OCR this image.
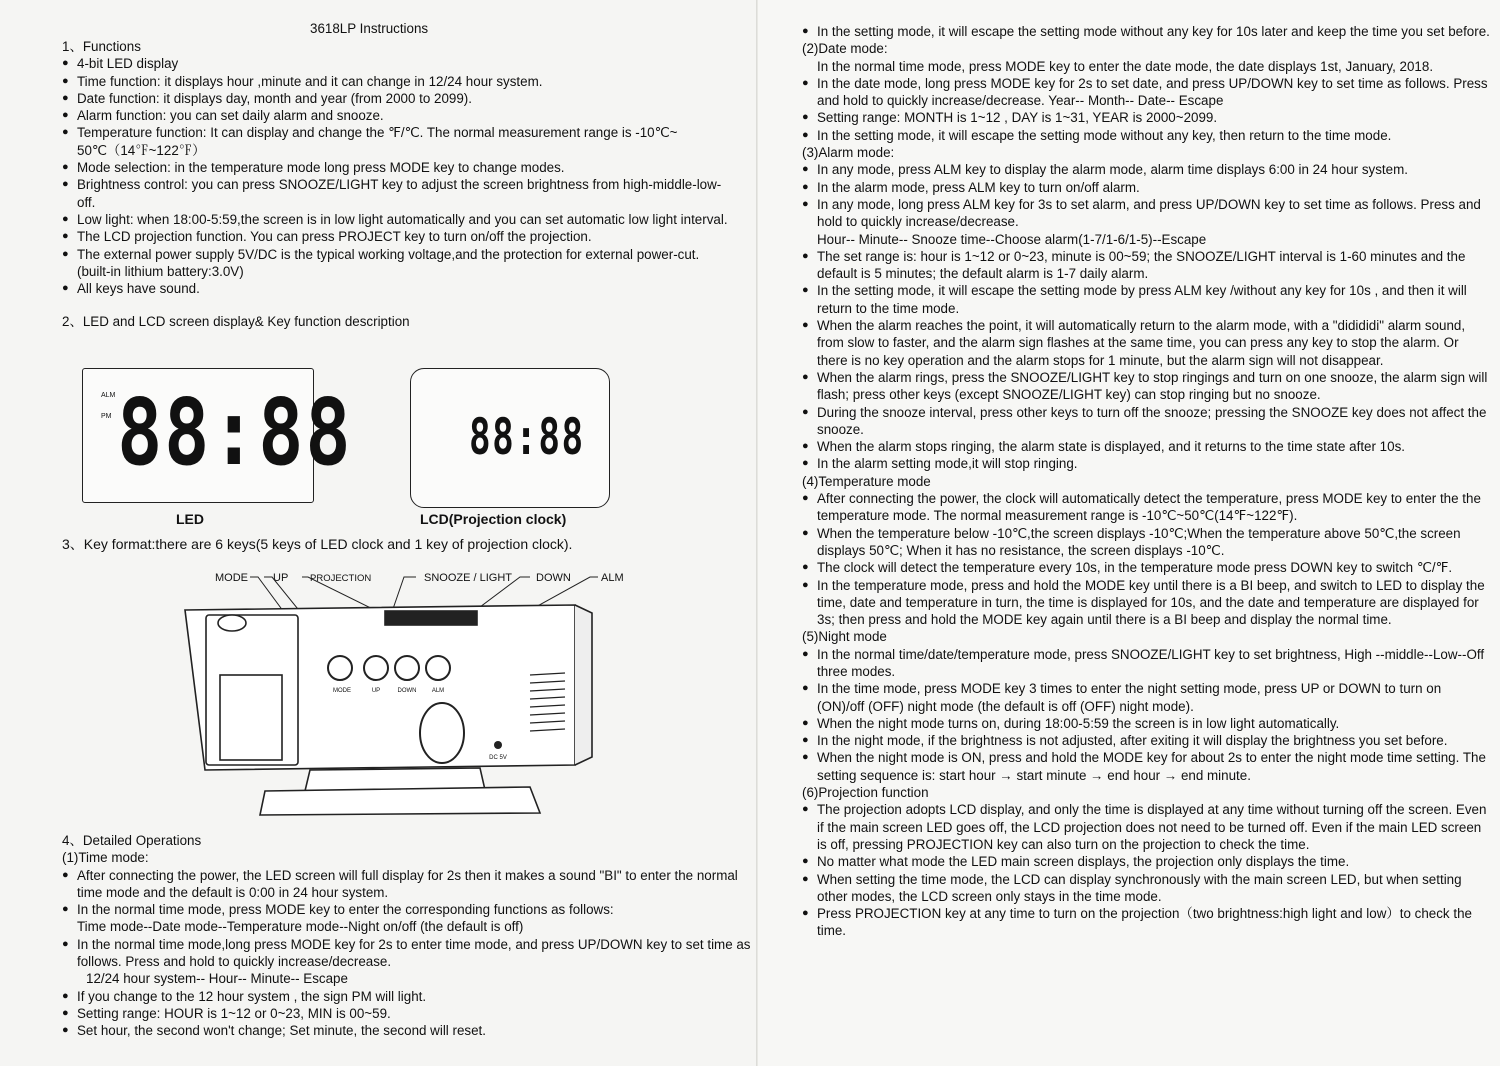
3618LP Instructions

1、Functions

● 4-bit LED display

● Time function: it displays hour ,minute and it can change in 12/24 hour system.

● Date function: it displays day, month and year (from 2000 to 2099).

● Alarm function: you can set daily alarm and snooze.

● Temperature function: It can display and change the ℉/℃. The normal measurement range is -10℃~ 50℃（14℉~122℉）

● Mode selection: in the temperature mode long press MODE key to change modes.

● Brightness control: you can press SNOOZE/LIGHT key to adjust the screen brightness from high-middle-low-off.

● Low light: when 18:00-5:59,the screen is in low light automatically and you can set automatic low light interval.

● The LCD projection function. You can press PROJECT key to turn on/off the projection.

● The external power supply 5V/DC is the typical working voltage,and the protection for external power-cut.(built-in lithium battery:3.0V)

● All keys have sound.

2、LED and LCD screen display& Key function description

ALM
PM 88:88
LED
88:88
LCD(Projection clock)
3、Key format:there are 6 keys(5 keys of LED clock and 1 key of projection clock).
MODE UP PROJECTION	SNOOZE / LIGHT DOWN	ALM
MODE	UP	DOWN	ALM
DC 5V

4、Detailed Operations

(1)Time mode:

● After connecting the power, the LED screen will full display for 2s then it makes a sound "BI" to enter the normal time mode and the default is 0:00 in 24 hour system.

● In the normal time mode, press MODE key to enter the corresponding functions as follows:

Time mode--Date mode--Temperature mode--Night on/off (the default is off)

● In the normal time mode,long press MODE key for 2s to enter time mode, and press UP/DOWN key to set time as follows. Press and hold to quickly increase/decrease.

12/24 hour system-- Hour-- Minute-- Escape

● If you change to the 12 hour system , the sign PM will light.

● Setting range: HOUR is 1~12 or 0~23, MIN is 00~59.

● Set hour, the second won't change; Set minute, the second will reset.

● In the setting mode, it will escape the setting mode without any key for 10s later and keep the time you set before.

(2)Date mode:

In the normal time mode, press MODE key to enter the date mode, the date displays 1st, January, 2018.

● In the date mode, long press MODE key for 2s to set date, and press UP/DOWN key to set time as follows. Press and hold to quickly increase/decrease. Year-- Month-- Date-- Escape

● Setting range: MONTH is 1~12 , DAY is 1~31, YEAR is 2000~2099.

● In the setting mode, it will escape the setting mode without any key, then return to the time mode.

(3)Alarm mode:

● In any mode, press ALM key to display the alarm mode, alarm time displays 6:00 in 24 hour system.

● In the alarm mode, press ALM key to turn on/off alarm.

● In any mode, long press ALM key for 3s to set alarm, and press UP/DOWN key to set time as follows. Press and hold to quickly increase/decrease.

Hour-- Minute-- Snooze time--Choose alarm(1-7/1-6/1-5)--Escape

● The set range is: hour is 1~12 or 0~23, minute is 00~59; the SNOOZE/LIGHT interval is 1-60 minutes and the default is 5 minutes; the default alarm is 1-7 daily alarm.

● In the setting mode, it will escape the setting mode by press ALM key /without any key for 10s , and then it will return to the time mode.

● When the alarm reaches the point, it will automatically return to the alarm mode, with a "didididi" alarm sound, from slow to faster, and the alarm sign flashes at the same time, you can press any key to stop the alarm. Or there is no key operation and the alarm stops for 1 minute, but the alarm sign will not disappear.

● When the alarm rings, press the SNOOZE/LIGHT key to stop ringings and turn on one snooze, the alarm sign will flash; press other keys (except SNOOZE/LIGHT key) can stop ringing but no snooze.

● During the snooze interval, press other keys to turn off the snooze; pressing the SNOOZE key does not affect the snooze.

● When the alarm stops ringing, the alarm state is displayed, and it returns to the time state after 10s.

● In the alarm setting mode,it will stop ringing.

(4)Temperature mode

● After connecting the power, the clock will automatically detect the temperature, press MODE key to enter the the temperature mode. The normal measurement range is -10℃~50℃(14℉~122℉).

● When the temperature below -10℃,the screen displays -10℃;When the temperature above 50℃,the screen displays 50℃; When it has no resistance, the screen displays -10℃.

● The clock will detect the temperature every 10s, in the temperature mode press DOWN key to switch ℃/℉.

● In the temperature mode, press and hold the MODE key until there is a BI beep, and switch to LED to display the time, date and temperature in turn, the time is displayed for 10s, and the date and temperature are displayed for 3s; then press and hold the MODE key again until there is a BI beep and display the normal time.

(5)Night mode

● In the normal time/date/temperature mode, press SNOOZE/LIGHT key to set brightness, High --middle--Low--Off three modes.

● In the time mode, press MODE key 3 times to enter the night setting mode, press UP or DOWN to turn on (ON)/off (OFF) night mode (the default is off (OFF) night mode).

● When the night mode turns on, during 18:00-5:59 the screen is in low light automatically.

● In the night mode, if the brightness is not adjusted, after exiting it will display the brightness you set before.

● When the night mode is ON, press and hold the MODE key for about 2s to enter the night mode time setting. The setting sequence is: start hour → start minute → end hour → end minute.

(6)Projection function

● The projection adopts LCD display, and only the time is displayed at any time without turning off the screen. Even if the main screen LED goes off, the LCD projection does not need to be turned off. Even if the main LED screen is off, pressing PROJECTION key can also turn on the projection to check the time.

● No matter what mode the LED main screen displays, the projection only displays the time.

● When setting the time mode, the LCD can display synchronously with the main screen LED, but when setting other modes, the LCD screen only stays in the time mode.

● Press PROJECTION key at any time to turn on the projection（two brightness:high light and low）to check the time.
